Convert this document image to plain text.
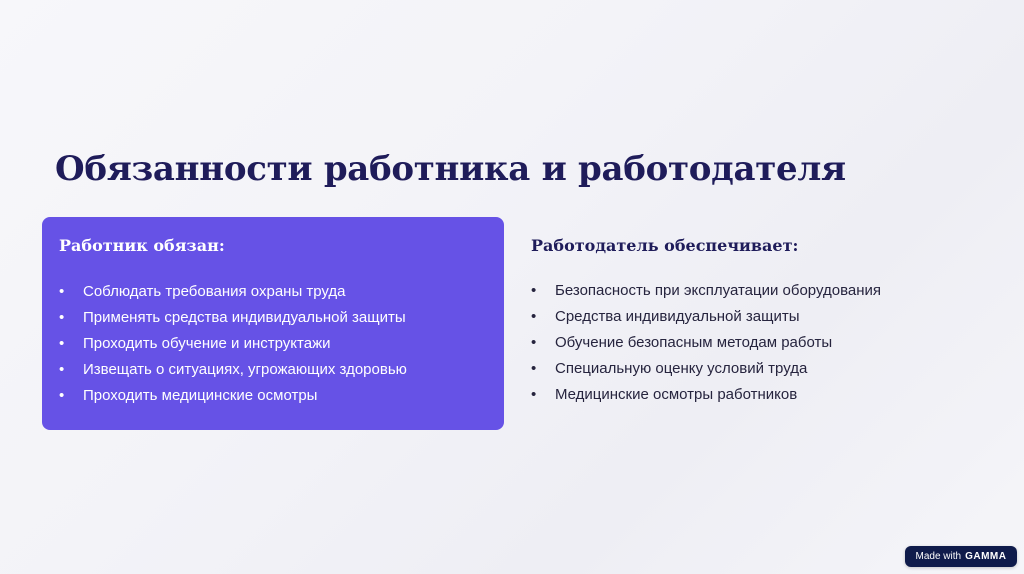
Обязанности работника и работодателя
Работник обязан:
•	Соблюдать требования охраны труда
•	Применять средства индивидуальной защиты
•	Проходить обучение и инструктажи
•	Извещать о ситуациях, угрожающих здоровью
•	Проходить медицинские осмотры
Работодатель обеспечивает:
•	Безопасность при эксплуатации оборудования
•	Средства индивидуальной защиты
•	Обучение безопасным методам работы
•	Специальную оценку условий труда
•	Медицинские осмотры работников
Made with GAMMA
